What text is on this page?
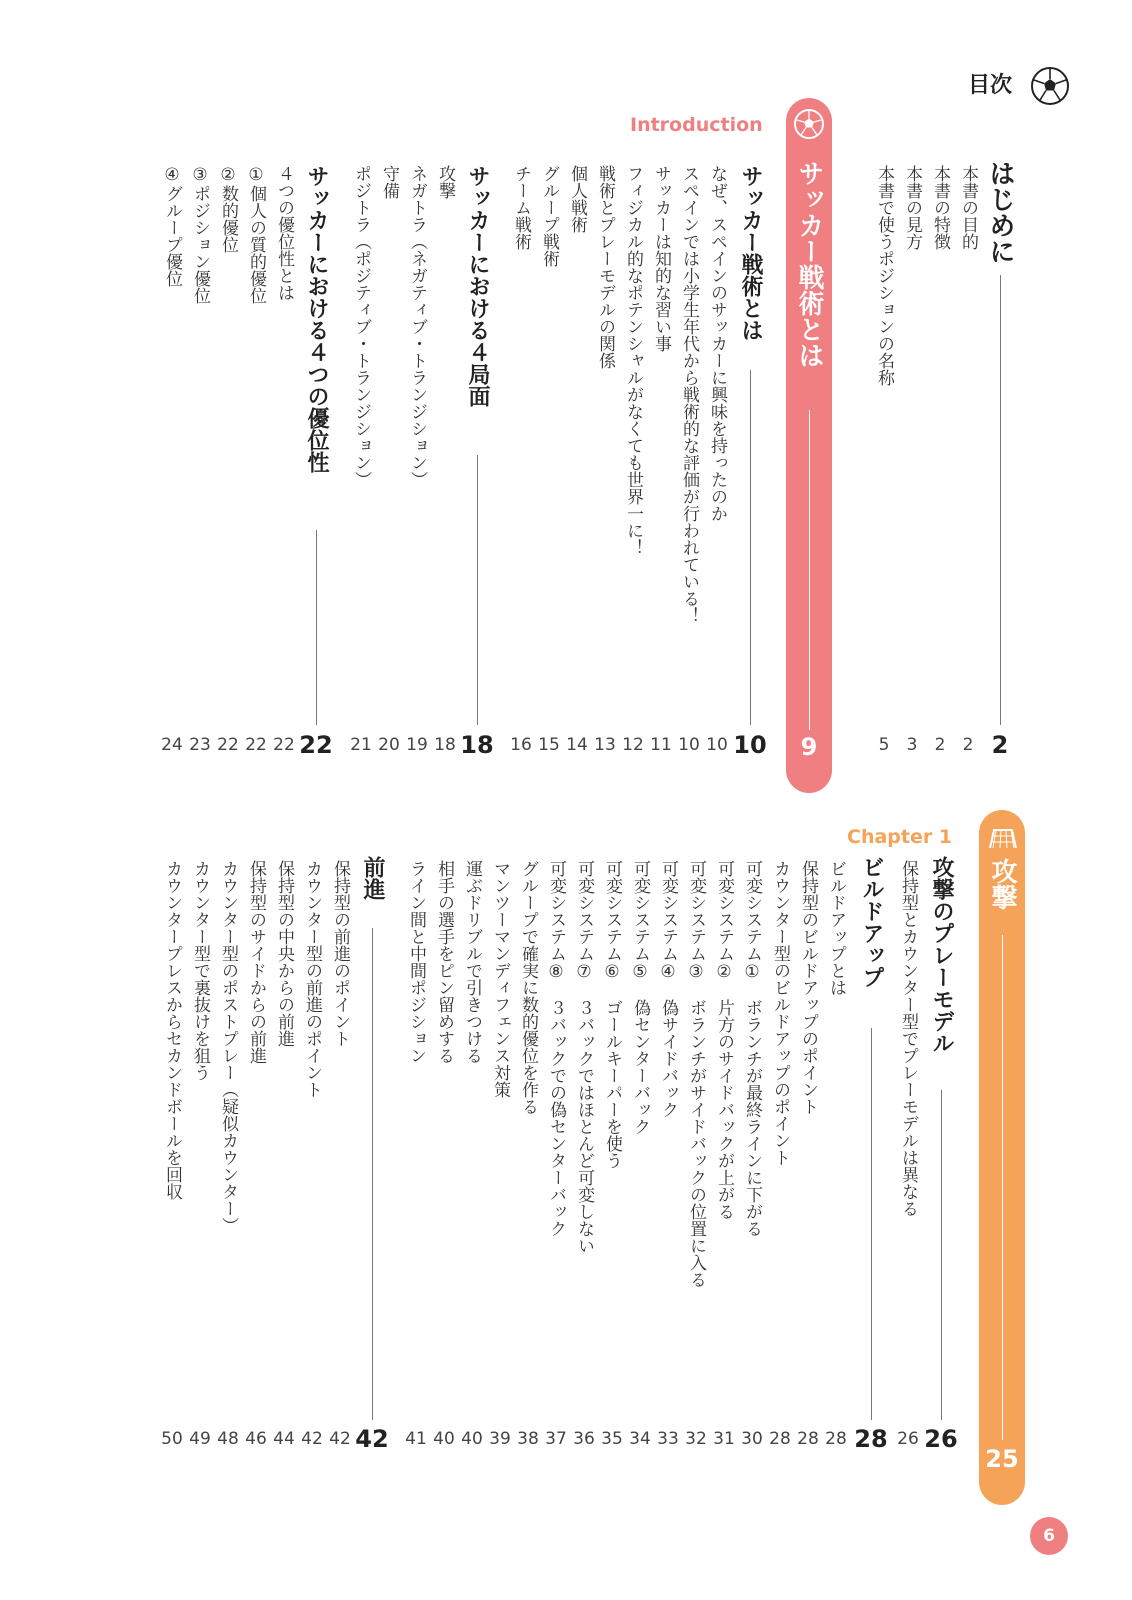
目次
Introduction
サッカー戦術とは
9
Chapter 1
攻撃
25
はじめに
2
本書の目的
2
本書の特徴
2
本書の見方
3
本書で使うポジションの名称
5
サッカー戦術とは
10
なぜ、スペインのサッカーに興味を持ったのか
10
スペインでは小学生年代から戦術的な評価が行われている！
10
サッカーは知的な習い事
11
フィジカル的なポテンシャルがなくても世界一に！
12
戦術とプレーモデルの関係
13
個人戦術
14
グループ戦術
15
チーム戦術
16
サッカーにおける４局面
18
攻撃
18
ネガトラ（ネガティブ・トランジション）
19
守備
20
ポジトラ（ポジティブ・トランジション）
21
サッカーにおける４つの優位性
22
４つの優位性とは
22
①個人の質的優位
22
②数的優位
22
③ポジション優位
23
④グループ優位
24
攻撃のプレーモデル
26
保持型とカウンター型でプレーモデルは異なる
26
ビルドアップ
28
ビルドアップとは
28
保持型のビルドアップのポイント
28
カウンター型のビルドアップのポイント
28
可変システム①　ボランチが最終ラインに下がる
30
可変システム②　片方のサイドバックが上がる
31
可変システム③　ボランチがサイドバックの位置に入る
32
可変システム④　偽サイドバック
33
可変システム⑤　偽センターバック
34
可変システム⑥　ゴールキーパーを使う
35
可変システム⑦　３バックではほとんど可変しない
36
可変システム⑧　３バックでの偽センターバック
37
グループで確実に数的優位を作る
38
マンツーマンディフェンス対策
39
運ぶドリブルで引きつける
40
相手の選手をピン留めする
40
ライン間と中間ポジション
41
前進
42
保持型の前進のポイント
42
カウンター型の前進のポイント
42
保持型の中央からの前進
44
保持型のサイドからの前進
46
カウンター型のポストプレー（疑似カウンター）
48
カウンター型で裏抜けを狙う
49
カウンタープレスからセカンドボールを回収
50
6
